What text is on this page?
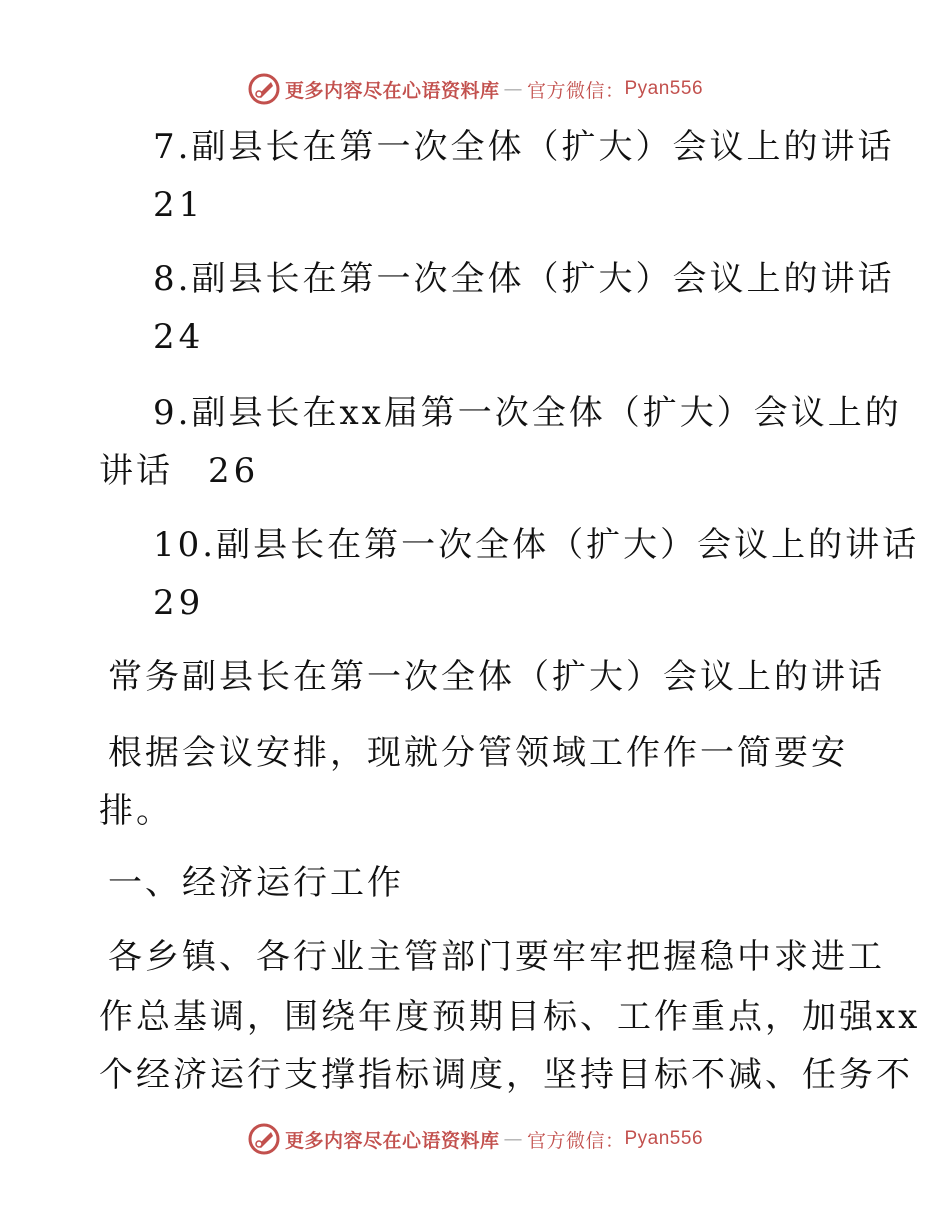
更多内容尽在心语资料库 — 官方微信： Pyan556
7.副县长在第一次全体（扩大）会议上的讲话
21
8.副县长在第一次全体（扩大）会议上的讲话
24
9.副县长在xx届第一次全体（扩大）会议上的
讲话 26
10.副县长在第一次全体（扩大）会议上的讲话
29
常务副县长在第一次全体（扩大）会议上的讲话
根据会议安排，现就分管领域工作作一简要安
排。
一、经济运行工作
各乡镇、各行业主管部门要牢牢把握稳中求进工
作总基调，围绕年度预期目标、工作重点，加强xx
个经济运行支撑指标调度，坚持目标不减、任务不
更多内容尽在心语资料库 — 官方微信： Pyan556
